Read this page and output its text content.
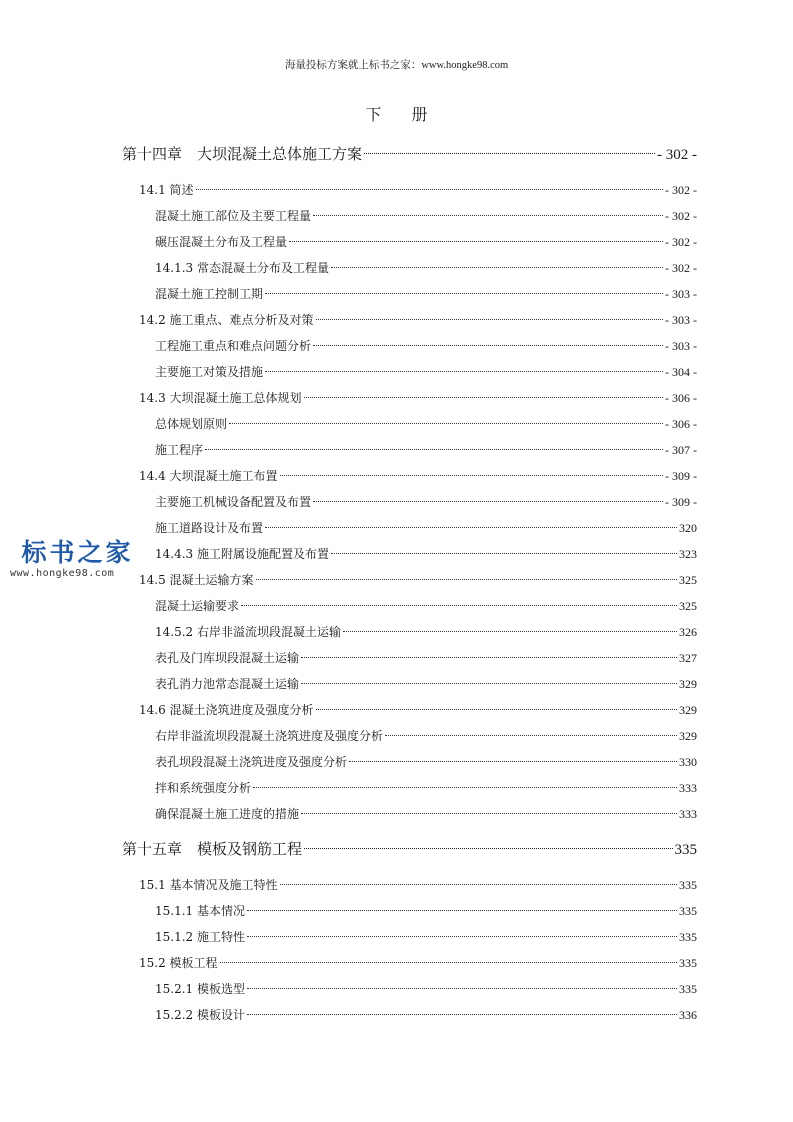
海量投标方案就上标书之家：www.hongke98.com
下册
第十四章　大坝混凝土总体施工方案	- 302 -
14.1 简述	- 302 -
混凝土施工部位及主要工程量	- 302 -
碾压混凝土分布及工程量	- 302 -
14.1.3 常态混凝土分布及工程量	- 302 -
混凝土施工控制工期	- 303 -
14.2 施工重点、难点分析及对策	- 303 -
工程施工重点和难点问题分析	- 303 -
主要施工对策及措施	- 304 -
14.3 大坝混凝土施工总体规划	- 306 -
总体规划原则	- 306 -
施工程序	- 307 -
14.4 大坝混凝土施工布置	- 309 -
主要施工机械设备配置及布置	- 309 -
施工道路设计及布置	320
14.4.3 施工附属设施配置及布置	323
14.5 混凝土运输方案	325
混凝土运输要求	325
14.5.2 右岸非溢流坝段混凝土运输	326
表孔及门库坝段混凝土运输	327
表孔消力池常态混凝土运输	329
14.6 混凝土浇筑进度及强度分析	329
右岸非溢流坝段混凝土浇筑进度及强度分析	329
表孔坝段混凝土浇筑进度及强度分析	330
拌和系统强度分析	333
确保混凝土施工进度的措施	333
第十五章　模板及钢筋工程	335
15.1 基本情况及施工特性	335
15.1.1 基本情况	335
15.1.2 施工特性	335
15.2 模板工程	335
15.2.1 模板选型	335
15.2.2 模板设计	336
标书之家
www.hongke98.com
